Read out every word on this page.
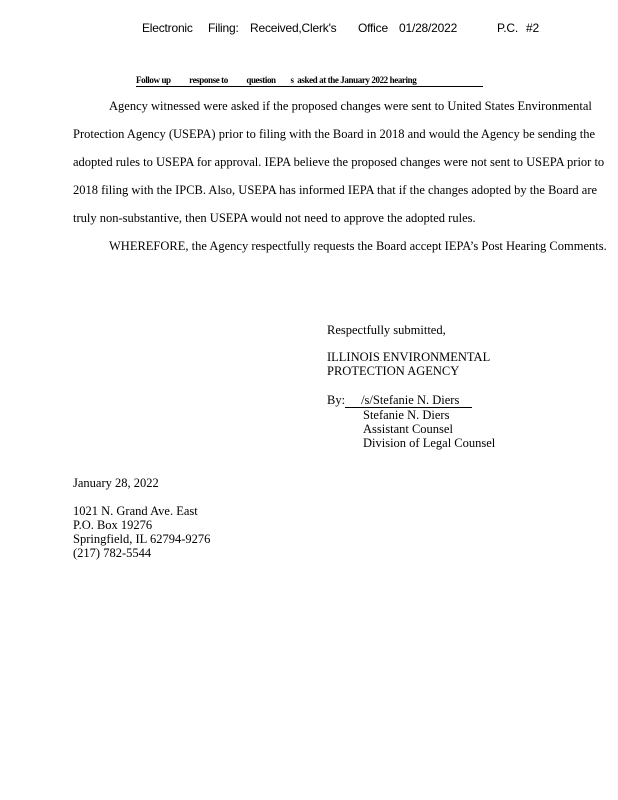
Electronic Filing: Received,Clerk's Office 01/28/2022	P.C. #2
Follow up          response to          question        s  asked at the January 2022 hearing

Agency witnessed were asked if the proposed changes were sent to United States Environmental Protection Agency (USEPA) prior to filing with the Board in 2018 and would the Agency be sending the adopted rules to USEPA for approval. IEPA believe the proposed changes were not sent to USEPA prior to 2018 filing with the IPCB. Also, USEPA has informed IEPA that if the changes adopted by the Board are truly non-substantive, then USEPA would not need to approve the adopted rules.

WHEREFORE, the Agency respectfully requests the Board accept IEPA’s Post Hearing Comments.

Respectfully submitted,
ILLINOIS ENVIRONMENTAL
PROTECTION AGENCY
By: /s/Stefanie N. Diers
Stefanie N. Diers
Assistant Counsel
Division of Legal Counsel
January 28, 2022
1021 N. Grand Ave. East
P.O. Box 19276
Springfield, IL 62794-9276
(217) 782-5544
